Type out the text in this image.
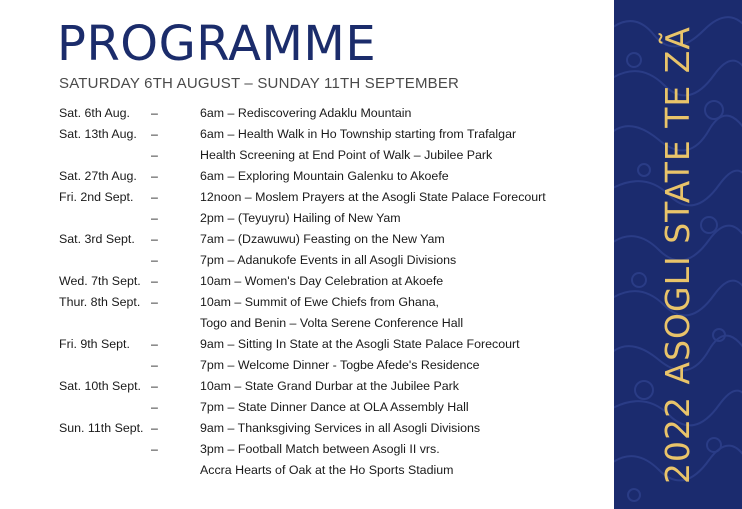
PROGRAMME
SATURDAY 6TH AUGUST – SUNDAY 11TH SEPTEMBER
Sat. 6th Aug. –	6am – Rediscovering Adaklu Mountain
Sat. 13th Aug. –	6am – Health Walk in Ho Township starting from Trafalgar
–	Health Screening at End Point of Walk – Jubilee Park
Sat. 27th Aug. –	6am – Exploring Mountain Galenku to Akoefe
Fri. 2nd Sept. –	12noon – Moslem Prayers at the Asogli State Palace Forecourt
–	2pm – (Teyuyru) Hailing of New Yam
Sat. 3rd Sept. –	7am – (Dzawuwu) Feasting on the New Yam
–	7pm – Adanukofe Events in all Asogli Divisions
Wed. 7th Sept. –	10am – Women's Day Celebration at Akoefe
Thur. 8th Sept. –	10am – Summit of Ewe Chiefs from Ghana,
Togo and Benin – Volta Serene Conference Hall
Fri. 9th Sept. –	9am – Sitting In State at the Asogli State Palace Forecourt
–	7pm – Welcome Dinner - Togbe Afede's Residence
Sat. 10th Sept. –	10am – State Grand Durbar at the Jubilee Park
–	7pm – State Dinner Dance at OLA Assembly Hall
Sun. 11th Sept. –	9am – Thanksgiving Services in all Asogli Divisions
–	3pm – Football Match between Asogli II vrs.
Accra Hearts of Oak at the Ho Sports Stadium	2022 ASOGLI STATE TE ZÃ
